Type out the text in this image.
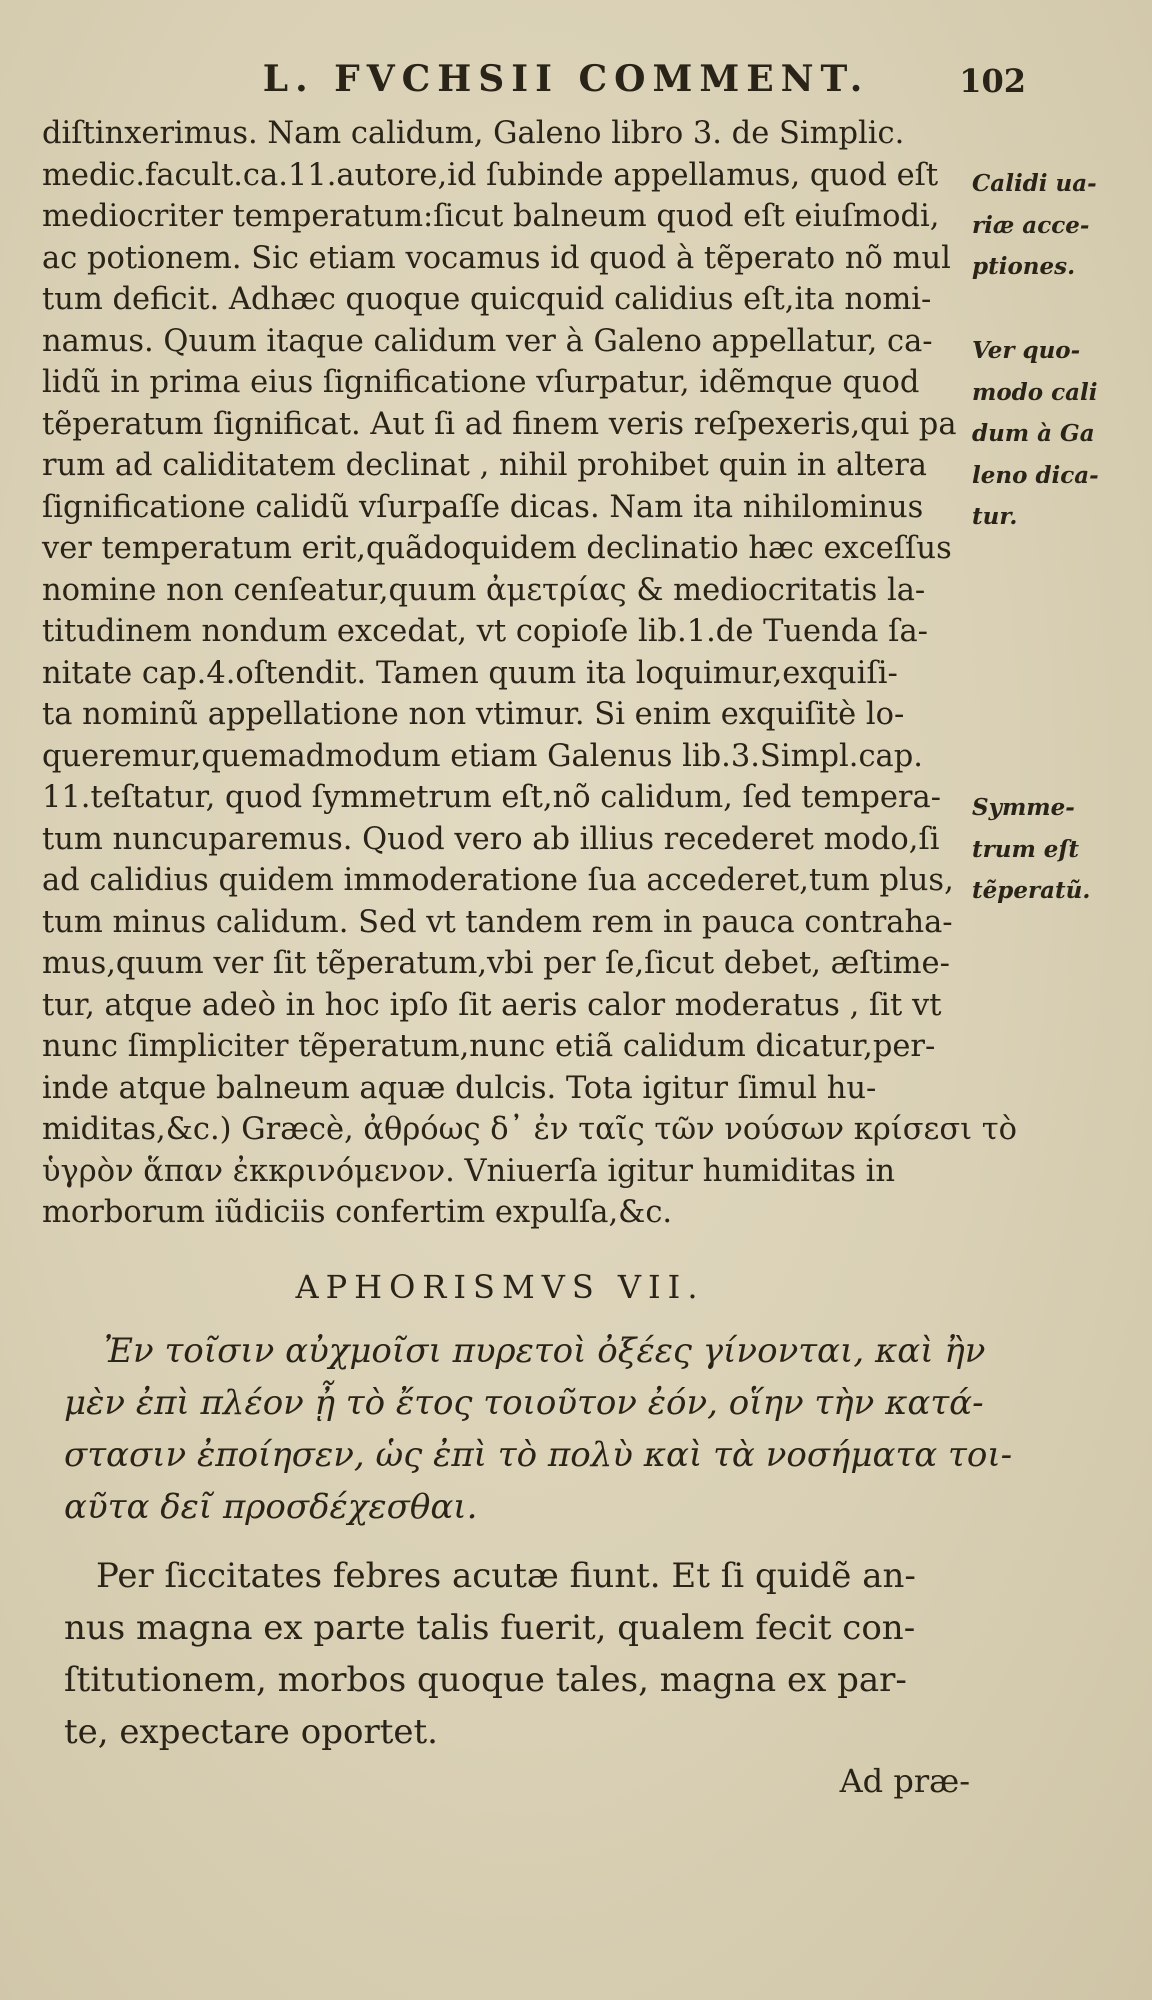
L. FVCHSII COMMENT.	102
diſtinxerimus. Nam calidum, Galeno libro 3. de Simplic.
medic.facult.ca.11.autore,id ſubinde appellamus, quod eſt
mediocriter temperatum:ſicut balneum quod eſt eiuſmodi,
ac potionem. Sic etiam vocamus id quod à tẽperato nõ mul
tum deficit. Adhæc quoque quicquid calidius eſt,ita nomi-
namus. Quum itaque calidum ver à Galeno appellatur, ca-
lidũ in prima eius ſignificatione vſurpatur, idẽmque quod
tẽperatum ſignificat. Aut ſi ad finem veris reſpexeris,qui pa
rum ad caliditatem declinat , nihil prohibet quin in altera
ſignificatione calidũ vſurpaſſe dicas. Nam ita nihilominus
ver temperatum erit,quãdoquidem declinatio hæc exceſſus
nomine non cenſeatur,quum ἀμετρίας & mediocritatis la-
titudinem nondum excedat, vt copioſe lib.1.de Tuenda ſa-
nitate cap.4.oſtendit. Tamen quum ita loquimur,exquiſi-
ta nominũ appellatione non vtimur. Si enim exquiſitè lo-
queremur,quemadmodum etiam Galenus lib.3.Simpl.cap.
11.teſtatur, quod ſymmetrum eſt,nõ calidum, ſed tempera-
tum nuncuparemus. Quod vero ab illius recederet modo,ſi
ad calidius quidem immoderatione ſua accederet,tum plus,
tum minus calidum. Sed vt tandem rem in pauca contraha-
mus,quum ver ſit tẽperatum,vbi per ſe,ſicut debet, æſtime-
tur, atque adeò in hoc ipſo ſit aeris calor moderatus , ſit vt
nunc ſimpliciter tẽperatum,nunc etiã calidum dicatur,per-
inde atque balneum aquæ dulcis. Tota igitur ſimul hu-
miditas,&c.) Græcè, ἀθρόως δ᾽ ἐν ταῖς τῶν νούσων κρίσεσι τὸ
ὑγρὸν ἅπαν ἐκκρινόμενον. Vniuerſa igitur humiditas in
morborum iũdiciis confertim expulſa,&c.
Calidi ua-
riæ acce-
ptiones.
Ver quo-
modo cali
dum à Ga
leno dica-
tur.
Symme-
trum eſt
tẽperatũ.
APHORISMVS VII.
Ἐν τοῖσιν αὐχμοῖσι πυρετοὶ ὀξέες γίνονται, καὶ ἢν
μὲν ἐπὶ πλέον ᾖ τὸ ἔτος τοιοῦτον ἐόν, οἵην τὴν κατά-
στασιν ἐποίησεν, ὡς ἐπὶ τὸ πολὺ καὶ τὰ νοσήματα τοι-
αῦτα δεῖ προσδέχεσθαι.
Per ſiccitates febres acutæ fiunt. Et ſi quidẽ an-
nus magna ex parte talis fuerit, qualem fecit con-
ſtitutionem, morbos quoque tales, magna ex par-
te, expectare oportet.
Ad præ-
